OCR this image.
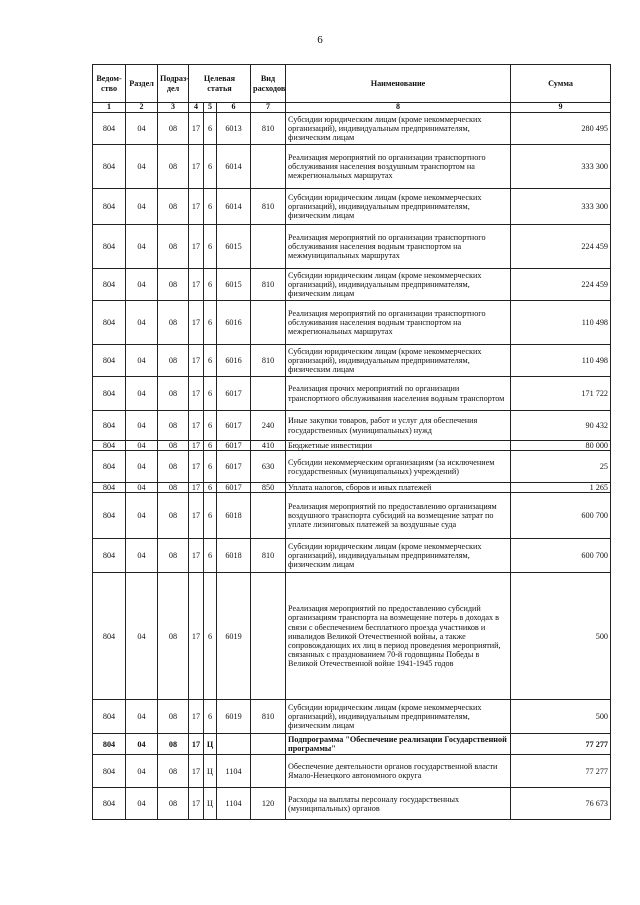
6
Ведом-ство	Раздел	Подраз-дел	Целевая статья			Вид расходов	Наименование	Сумма
1	2	3	4	5	6	7	8	9
804	04	08	17	6	6013	810	Субсидии юридическим лицам (кроме некоммерческих организаций), индивидуальным предпринимателям, физическим лицам	280 495
804	04	08	17	6	6014		Реализация мероприятий по организации транспортного обслуживания населения воздушным транспортом на межрегиональных маршрутах	333 300
804	04	08	17	6	6014	810	Субсидии юридическим лицам (кроме некоммерческих организаций), индивидуальным предпринимателям, физическим лицам	333 300
804	04	08	17	6	6015		Реализация мероприятий по организации транспортного обслуживания населения водным транспортом на межмуниципальных маршрутах	224 459
804	04	08	17	6	6015	810	Субсидии юридическим лицам (кроме некоммерческих организаций), индивидуальным предпринимателям, физическим лицам	224 459
804	04	08	17	6	6016		Реализация мероприятий по организации транспортного обслуживания населения водным транспортом на межрегиональных маршрутах	110 498
804	04	08	17	6	6016	810	Субсидии юридическим лицам (кроме некоммерческих организаций), индивидуальным предпринимателям, физическим лицам	110 498
804	04	08	17	6	6017		Реализация прочих мероприятий по организации транспортного обслуживания населения водным транспортом	171 722
804	04	08	17	6	6017	240	Иные закупки товаров, работ и услуг для обеспечения государственных (муниципальных) нужд	90 432
804	04	08	17	6	6017	410	Бюджетные инвестиции	80 000
804	04	08	17	6	6017	630	Субсидии некоммерческим организациям (за исключением государственных (муниципальных) учреждений)	25
804	04	08	17	6	6017	850	Уплата налогов, сборов и иных платежей	1 265
804	04	08	17	6	6018		Реализация мероприятий по предоставлению организациям воздушного транспорта субсидий на возмещение затрат по уплате лизинговых платежей за воздушные суда	600 700
804	04	08	17	6	6018	810	Субсидии юридическим лицам (кроме некоммерческих организаций), индивидуальным предпринимателям, физическим лицам	600 700
804	04	08	17	6	6019		Реализация мероприятий по предоставлению субсидий организациям транспорта на возмещение потерь в доходах в связи с обеспечением бесплатного проезда участников и инвалидов Великой Отечественной войны, а также сопровождающих их лиц в период проведения мероприятий, связанных с празднованием 70-й годовщины Победы в Великой Отечественной войне 1941-1945 годов	500
804	04	08	17	6	6019	810	Субсидии юридическим лицам (кроме некоммерческих организаций), индивидуальным предпринимателям, физическим лицам	500
804	04	08	17	Ц			Подпрограмма "Обеспечение реализации Государственной программы"	77 277
804	04	08	17	Ц	1104		Обеспечение деятельности органов государственной власти Ямало-Ненецкого автономного округа	77 277
804	04	08	17	Ц	1104	120	Расходы на выплаты персоналу государственных (муниципальных) органов	76 673
